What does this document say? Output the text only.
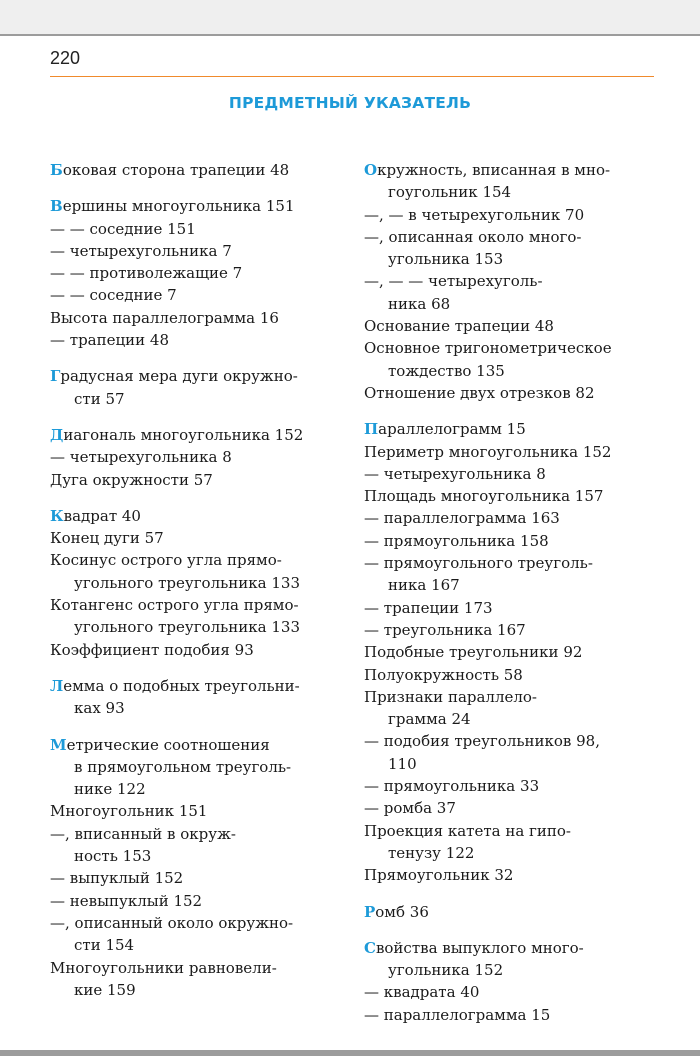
220
ПРЕДМЕТНЫЙ УКАЗАТЕЛЬ
Боковая сторона трапеции 48
Вершины многоугольника 151
— — соседние 151
— четырехугольника 7
— — противолежащие 7
— — соседние 7
Высота параллелограмма 16
— трапеции 48
Градусная мера дуги окружно-
сти 57
Диагональ многоугольника 152
— четырехугольника 8
Дуга окружности 57
Квадрат 40
Конец дуги 57
Косинус острого угла прямо-
угольного треугольника 133
Котангенс острого угла прямо-
угольного треугольника 133
Коэффициент подобия 93
Лемма о подобных треугольни-
ках 93
Метрические соотношения
в прямоугольном треуголь-
нике 122
Многоугольник 151
—, вписанный в окруж-
ность 153
— выпуклый 152
— невыпуклый 152
—, описанный около окружно-
сти 154
Многоугольники равновели-
кие 159
Окружность, вписанная в мно-
гоугольник 154
—, — в четырехугольник 70
—, описанная около много-
угольника 153
—, — — четырехуголь-
ника 68
Основание трапеции 48
Основное тригонометрическое
тождество 135
Отношение двух отрезков 82
Параллелограмм 15
Периметр многоугольника 152
— четырехугольника 8
Площадь многоугольника 157
— параллелограмма 163
— прямоугольника 158
— прямоугольного треуголь-
ника 167
— трапеции 173
— треугольника 167
Подобные треугольники 92
Полуокружность 58
Признаки параллело-
грамма 24
— подобия треугольников 98,
110
— прямоугольника 33
— ромба 37
Проекция катета на гипо-
тенузу 122
Прямоугольник 32
Ромб 36
Свойства выпуклого много-
угольника 152
— квадрата 40
— параллелограмма 15
